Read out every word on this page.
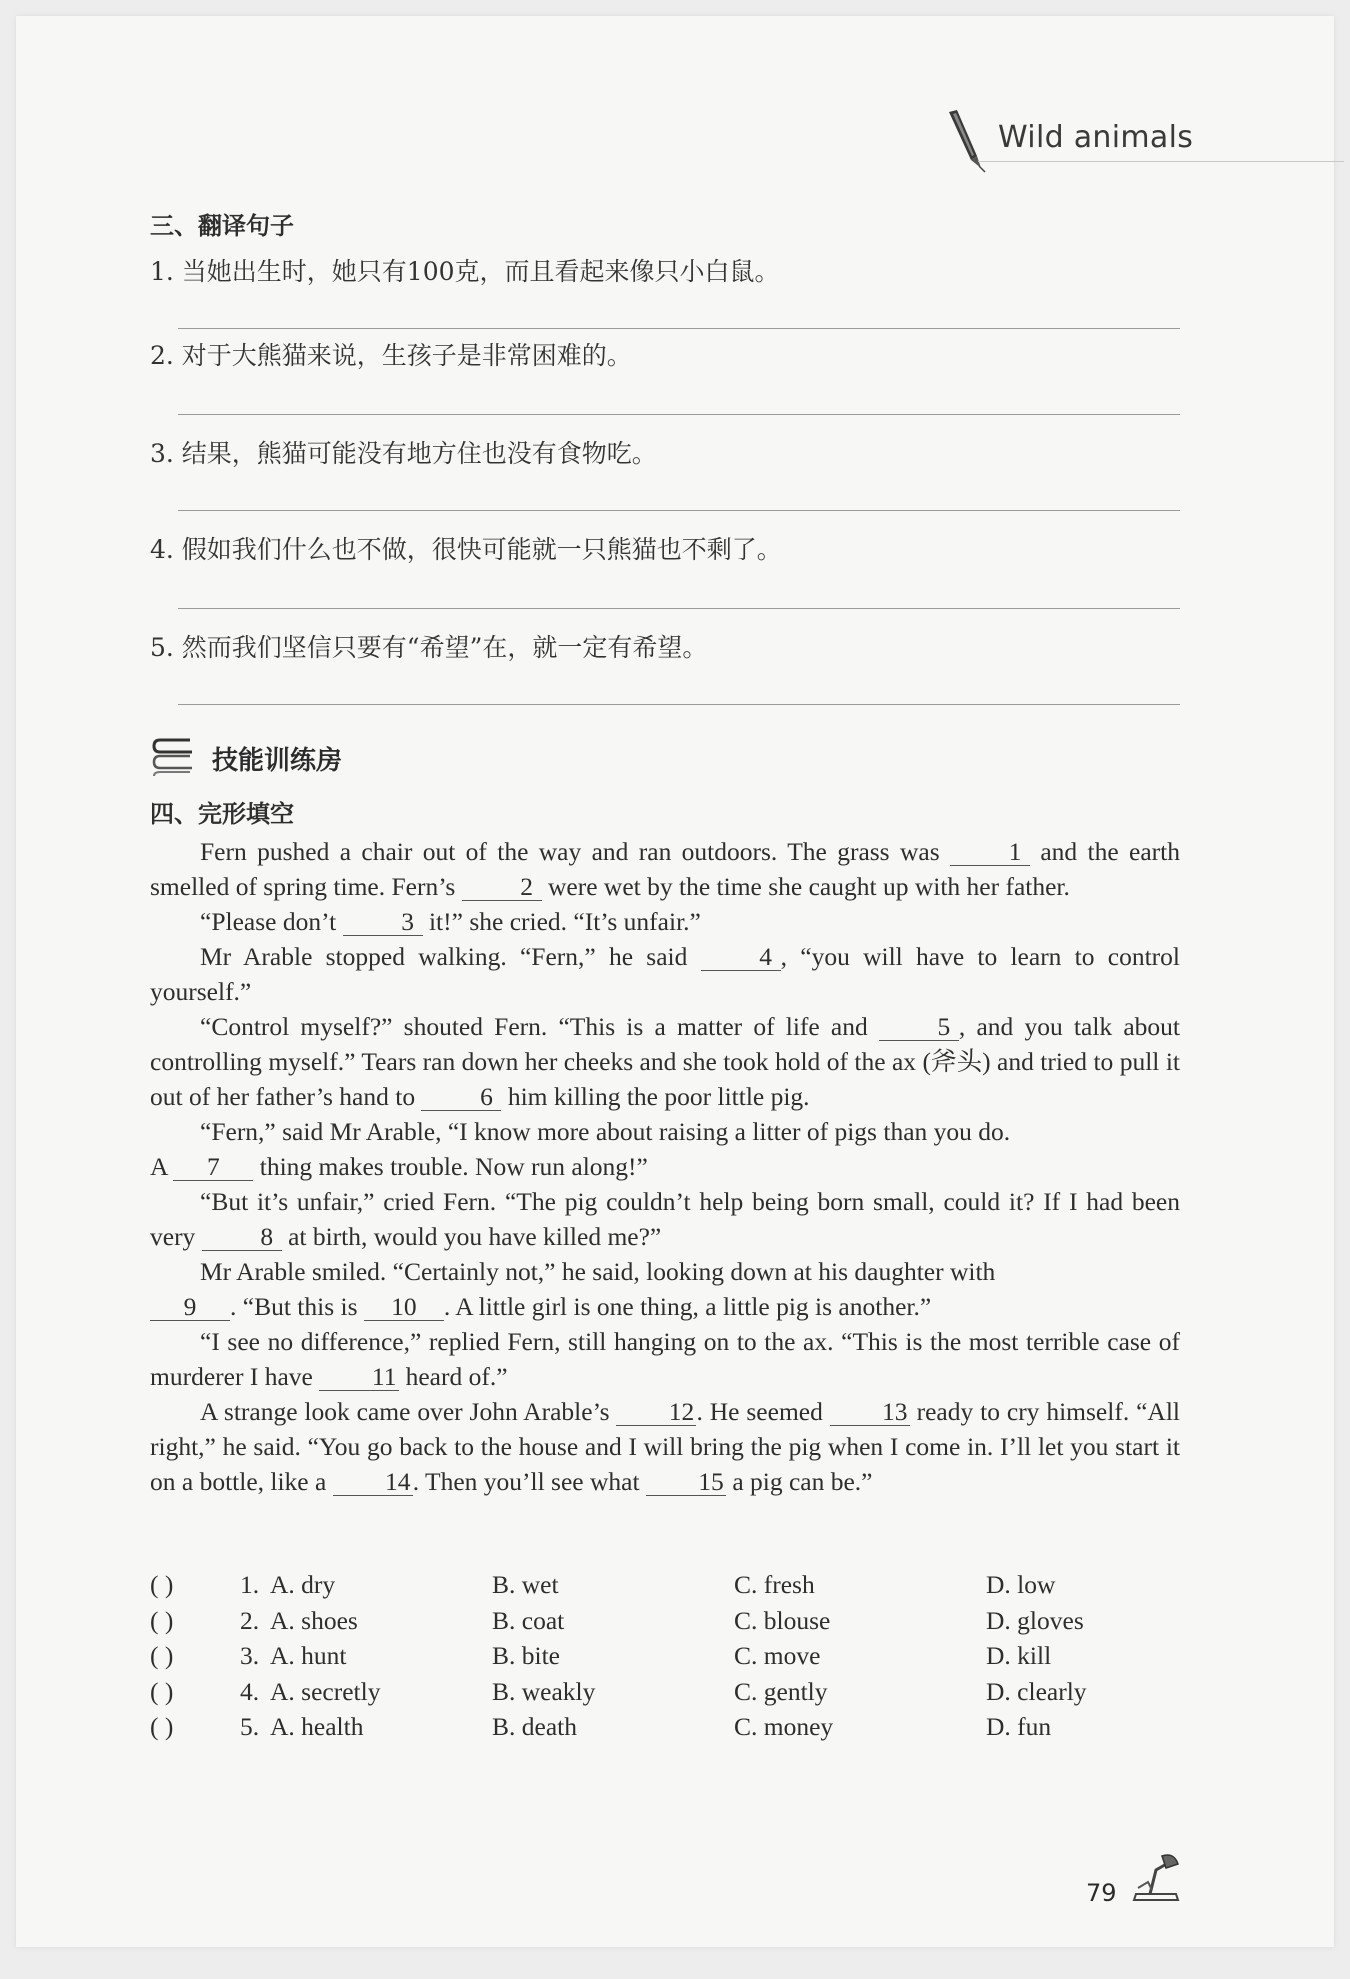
Wild animals
三、翻译句子
1. 当她出生时，她只有100克，而且看起来像只小白鼠。
2. 对于大熊猫来说，生孩子是非常困难的。
3. 结果，熊猫可能没有地方住也没有食物吃。
4. 假如我们什么也不做，很快可能就一只熊猫也不剩了。
5. 然而我们坚信只要有“希望”在，就一定有希望。
技能训练房
四、完形填空

Fern pushed a chair out of the way and ran outdoors. The grass was 1 and the earth smelled of spring time. Fern’s 2 were wet by the time she caught up with her father.

“Please don’t 3 it!” she cried. “It’s unfair.”

Mr Arable stopped walking. “Fern,” he said 4 , “you will have to learn to control yourself.”

“Control myself?” shouted Fern. “This is a matter of life and 5 , and you talk about controlling myself.” Tears ran down her cheeks and she took hold of the ax (斧头) and tried to pull it out of her father’s hand to 6 him killing the poor little pig.

“Fern,” said Mr Arable, “I know more about raising a litter of pigs than you do.

A 7 thing makes trouble. Now run along!”

“But it’s unfair,” cried Fern. “The pig couldn’t help being born small, could it? If I had been very 8 at birth, would you have killed me?”

Mr Arable smiled. “Certainly not,” he said, looking down at his daughter with

9 . “But this is 10 . A little girl is one thing, a little pig is another.”

“I see no difference,” replied Fern, still hanging on to the ax. “This is the most terrible case of murderer I have 11 heard of.”

A strange look came over John Arable’s 12. He seemed 13 ready to cry himself. “All right,” he said. “You go back to the house and I will bring the pig when I come in. I’ll let you start it on a bottle, like a 14. Then you’ll see what 15 a pig can be.”

( )	1. A. dry	B. wet	C. fresh	D. low
( )	2. A. shoes	B. coat	C. blouse	D. gloves
( )	3. A. hunt	B. bite	C. move	D. kill
( )	4. A. secretly	B. weakly	C. gently	D. clearly
( )	5. A. health	B. death	C. money	D. fun
79
